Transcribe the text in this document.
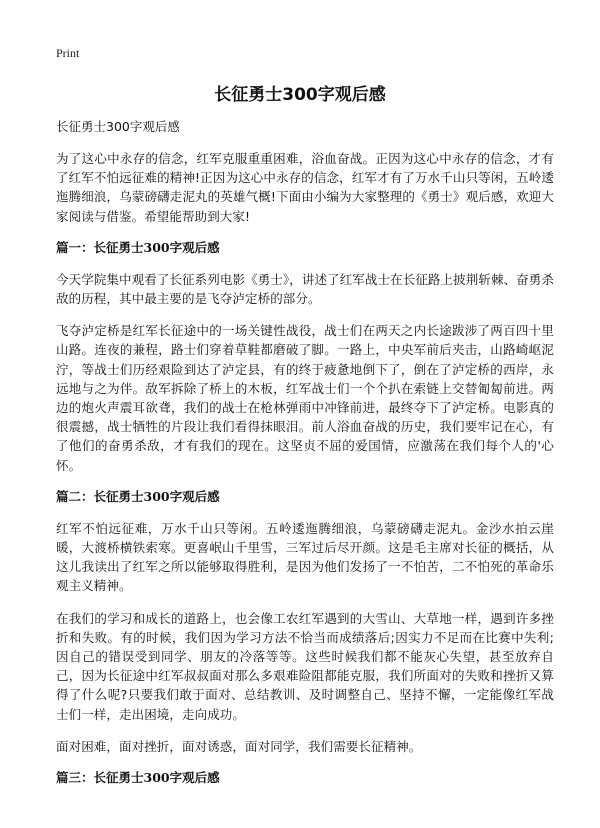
Print
长征勇士300字观后感
长征勇士300字观后感

为了这心中永存的信念，红军克服重重困难，浴血奋战。正因为这心中永存的信念，才有了红军不怕远征难的精神!正因为这心中永存的信念，红军才有了万水千山只等闲，五岭逶迤腾细浪，乌蒙磅礴走泥丸的英雄气概!下面由小编为大家整理的《勇士》观后感，欢迎大家阅读与借鉴。希望能帮助到大家!

篇一：长征勇士300字观后感

今天学院集中观看了长征系列电影《勇士》，讲述了红军战士在长征路上披荆斩棘、奋勇杀敌的历程，其中最主要的是飞夺泸定桥的部分。

飞夺泸定桥是红军长征途中的一场关键性战役，战士们在两天之内长途跋涉了两百四十里山路。连夜的兼程，路士们穿着草鞋都磨破了脚。一路上，中央军前后夹击，山路崎岖泥泞，等战士们历经艰险到达了泸定县，有的终于疲惫地倒下了，倒在了泸定桥的西岸，永远地与之为伴。敌军拆除了桥上的木板，红军战士们一个个扒在索链上交替匍匐前进。两边的炮火声震耳欲聋，我们的战士在枪林弹雨中冲锋前进，最终夺下了泸定桥。电影真的很震撼，战士牺牲的片段让我们看得抹眼泪。前人浴血奋战的历史，我们要牢记在心，有了他们的奋勇杀敌，才有我们的现在。这坚贞不屈的爱国情，应激荡在我们每个人的'心怀。

篇二：长征勇士300字观后感

红军不怕远征难，万水千山只等闲。五岭逶迤腾细浪，乌蒙磅礴走泥丸。金沙水拍云崖暖，大渡桥横铁索寒。更喜岷山千里雪，三军过后尽开颜。这是毛主席对长征的概括，从这儿我读出了红军之所以能够取得胜利，是因为他们发扬了一不怕苦，二不怕死的革命乐观主义精神。

在我们的学习和成长的道路上，也会像工农红军遇到的大雪山、大草地一样，遇到许多挫折和失败。有的时候，我们因为学习方法不恰当而成绩落后;因实力不足而在比赛中失利;因自己的错误受到同学、朋友的冷落等等。这些时候我们都不能灰心失望，甚至放弃自己，因为长征途中红军叔叔面对那么多艰难险阻都能克服，我们所面对的失败和挫折又算得了什么呢?只要我们敢于面对、总结教训、及时调整自己、坚持不懈，一定能像红军战士们一样，走出困境，走向成功。

面对困难，面对挫折，面对诱惑，面对同学，我们需要长征精神。

篇三：长征勇士300字观后感
